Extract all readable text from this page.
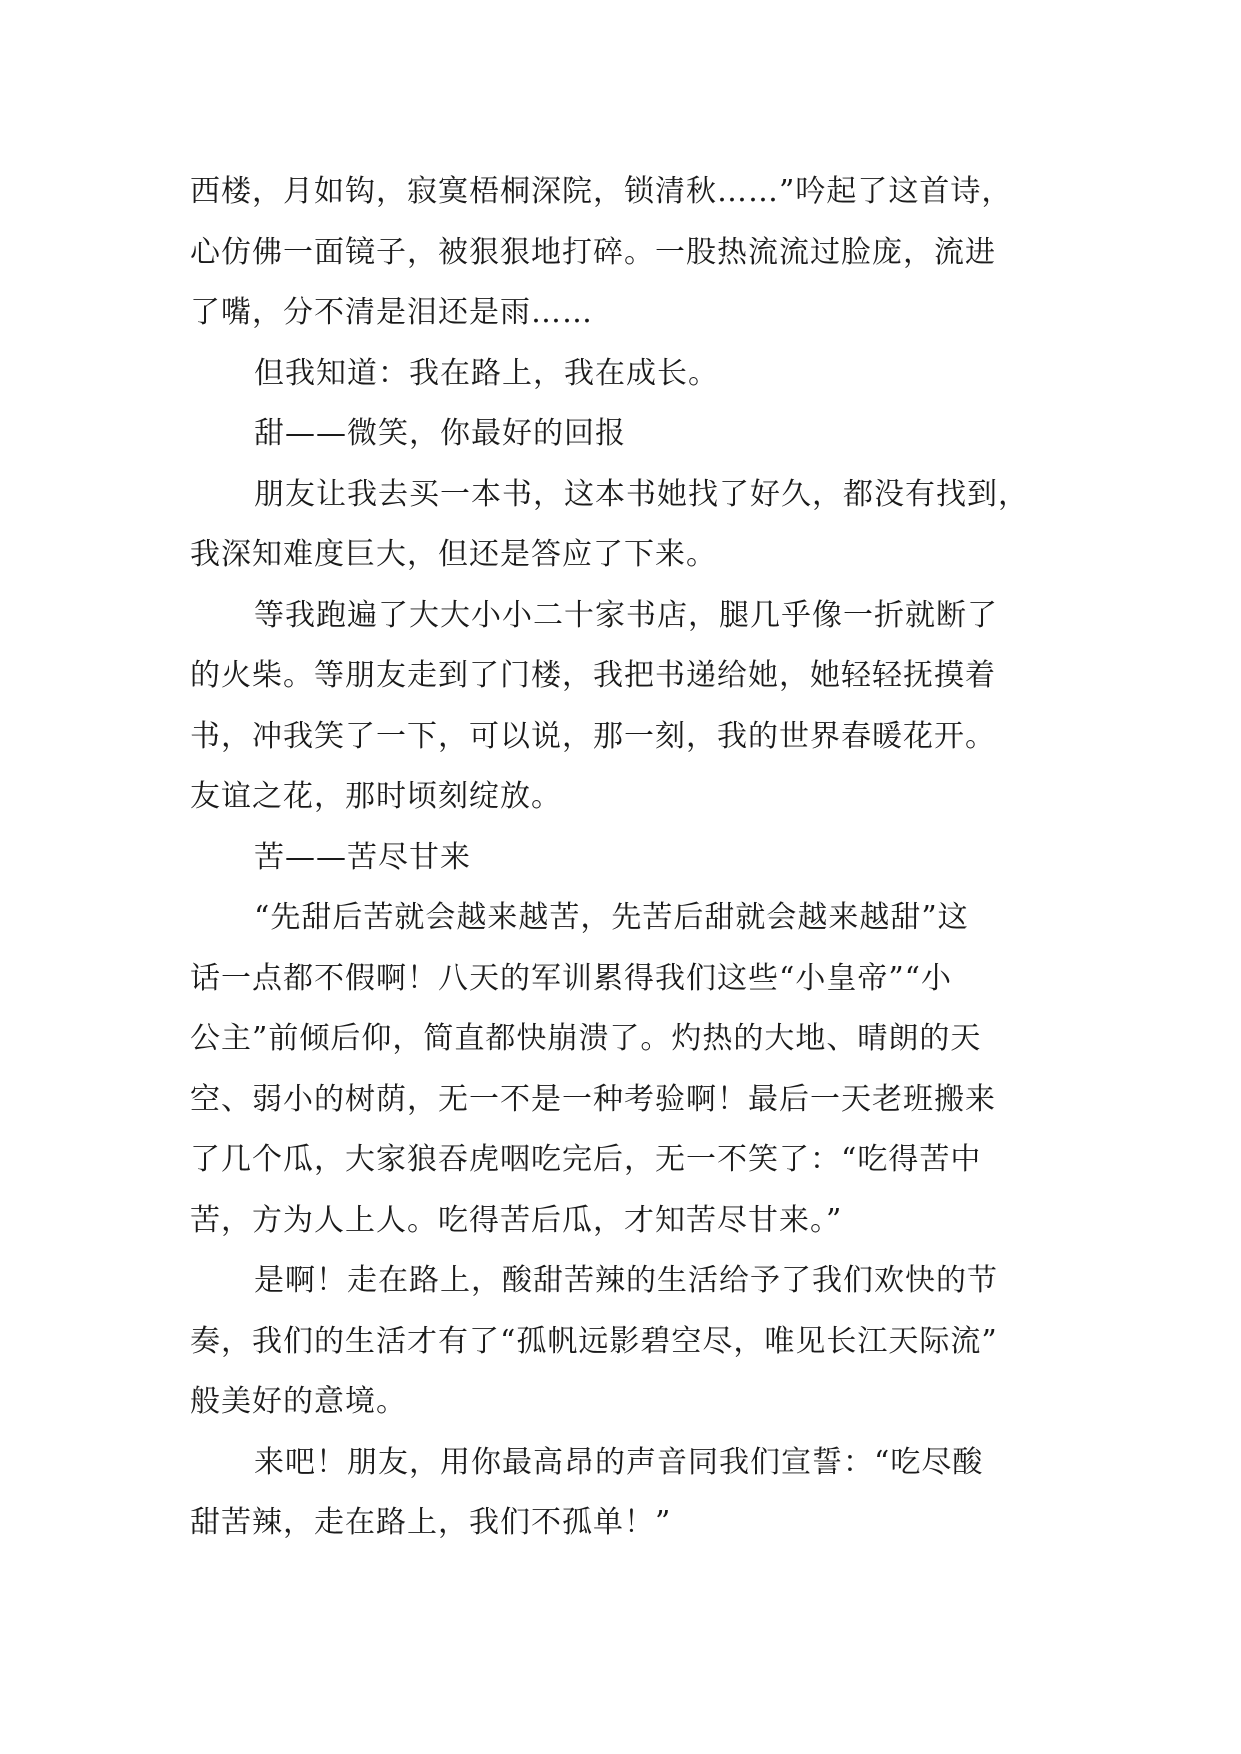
西楼，月如钩，寂寞梧桐深院，锁清秋……”吟起了这首诗，
心仿佛一面镜子，被狠狠地打碎。一股热流流过脸庞，流进
了嘴，分不清是泪还是雨……
但我知道：我在路上，我在成长。
甜——微笑，你最好的回报
朋友让我去买一本书，这本书她找了好久，都没有找到，
我深知难度巨大，但还是答应了下来。
等我跑遍了大大小小二十家书店，腿几乎像一折就断了
的火柴。等朋友走到了门楼，我把书递给她，她轻轻抚摸着
书，冲我笑了一下，可以说，那一刻，我的世界春暖花开。
友谊之花，那时顷刻绽放。
苦——苦尽甘来
“先甜后苦就会越来越苦，先苦后甜就会越来越甜”这
话一点都不假啊！八天的军训累得我们这些“小皇帝”“小
公主”前倾后仰，简直都快崩溃了。灼热的大地、晴朗的天
空、弱小的树荫，无一不是一种考验啊！最后一天老班搬来
了几个瓜，大家狼吞虎咽吃完后，无一不笑了：“吃得苦中
苦，方为人上人。吃得苦后瓜，才知苦尽甘来。”
是啊！走在路上，酸甜苦辣的生活给予了我们欢快的节
奏，我们的生活才有了“孤帆远影碧空尽，唯见长江天际流”
般美好的意境。
来吧！朋友，用你最高昂的声音同我们宣誓：“吃尽酸
甜苦辣，走在路上，我们不孤单！”
